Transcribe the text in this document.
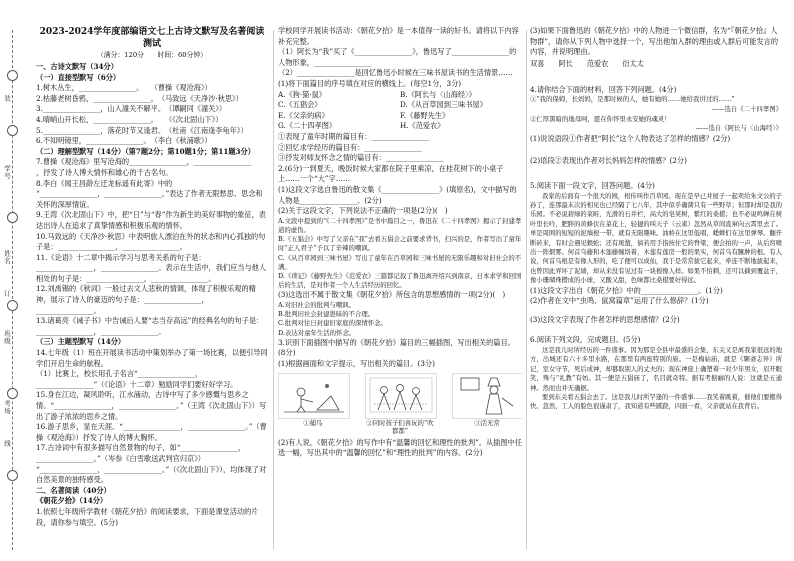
学号
姓名
班级
考场
装
订
线
2023-2024学年度部编语文七上古诗文默写及名著阅读测试
（满分：120分　　时间：60分钟）
一、古诗文默写（34分）
（一）直接型默写（6分）
1.树木丛生，________________。　　（曹操《观沧海》）
2.枯藤老树昏鸦，________________。　（马致远《天净沙·秋思》）
3.________________，山入潼关不解平。　（谭嗣同《潼关》）
4.晴峭山开长松，________________。　　（《次北固山下》）
5.________________，落花时节又逢君。　（杜甫《江南逢李龟年》）
6.不知明镜里，________________。　（李白《秋浦歌》）
（二）理解型默写（14分）（第7题2分；第10题1分；第11题3分）
7.曹操《观沧海》里写沧海的________________，________________
，抒发了诗人博大情怀和雄心的千古名句。
8.李白《闻王昌龄左迁龙标遥有此寄》中的
“________________，________________。”表达了作者无限愁思、思念和关怀的深厚情谊。
9.王湾《次北固山下》中，把“日”与“春”作为新生的美好事物的象征，表达出诗人在追求了真挚情感和积极乐观的情怀。
10.马致远的《天净沙·秋思》中表明旅人漂泊在外的状态和内心孤独的句子是：________________，________________。
11.《论语》十二章中揭示学习与思考关系的句子是：________________，________________。表示在生活中，我们应当与他人相处的句子是：________________，________________。
12.刘禹锡的《秋词》一般过去文人悲秋的情调，体现了积极乐观的精神，展示了诗人的豪迈的句子是：________________，________________。
13.诸葛亮《诫子书》中告诫后人要“志当存高远”的经典名句的句子是：________________，________________。
（三）主题型默写（14分）
14.七年级（1）班在开展读书活动中策划举办了第一场比赛，以便引导同学们开启生命的航程。
（1）比赛上，校长用孔子名言“________________，________________”（《论语》十二章）勉励同学们要好好学习。
15.身在江边，凝风聆听，江水涌动，古诗中写了多少感慨与思乡之情。“________________，________________。”（王湾《次北固山下》）写出了游子浓浓的思乡之情。
16.游子思乡，显在天涯。“________________，________________。”（曹操《观沧海》）抒发了诗人的博大胸怀。
17.古诗词中有很多描写自然景物的句子，如“________________，________________。”（岑参《白雪歌送武判官归京》）
“________________，________________。”（《次北固山下》），均体现了对自然美景的独特感受。
二、名著阅读（40分）
《朝花夕拾》（14分）
1.依照七年级所学教材《朝花夕拾》的阅读要求，下面是课堂活动的片段，请你参与填空。(5分)
学校同学开展读书活动：《朝花夕拾》是一本值得一读的好书。请将以下内容补充完整。
（1）阿长为“我”买了《________________》，鲁迅写了________________的人物形象，________________
（2）________________是回忆鲁迅小时候在三味书屋读书的生活情景……
(1)将下面篇目的序号填在对应的横线上。(每空1分，3分)
A.《狗·猫·鼠》	B.《阿长与〈山海经〉》
C.《五猖会》	D.《从百草园到三味书屋》
E.《父亲的病》	F.《藤野先生》
G.《二十四孝图》	H.《范爱农》
①表现了童年时期的篇目有：________________
②回忆求学经历的篇目有：________________
③抒发对师友怀念之情的篇目有：________________
2.(6分)一到夏天，晚饭时候大家都在院子里乘凉，在桂花树下的小桌子上……一个“大”字……
(1)这段文字选自鲁迅的散文集《________________》(填原名)，文中描写的人物是________________。(2分)
(2)关于这段文字，下列说法不正确的一项是(2分)(　)
A.文段中提到的“《二十四孝图》”是书中篇目之一，鲁迅在《二十四孝图》揭示了封建孝道的虚伪。
B.《五猖会》中写了父亲在“我”去看五猖会之前要求背书，扫兴的是，作者写出了童年时“正人君子”予以了辛辣的嘲讽。
C.《从百草园到三味书屋》写出了童年在百草园和三味书屋的无限乐趣和对旧社会的不满。
D.《琐记》《藤野先生》《范爱农》三篇都记叙了鲁迅离开绍兴到南京，日本求学和回国后的生活，是对作者一个人生活经历的回忆。
(3)这选出不属于散文集《朝花夕拾》所包含的思想感情的一项(2分)(　)
A.对旧社会的批判与嘲讽。
B.批判旧社会封建愚昧的不合理。
C.批判对往日封建旧家庭的深情怀念。
D.表达对童年生活的怀念。
3.识别下面插图中描写的《朝花夕拾》篇目的三幅插图，写出相关的篇目。(8分)
(1)根据画面和文字提示，写出相关的篇目。(3分)
①捕鸟	②同时孩子们喜玩的“吹都都”
③活无常
(2)有人说，《朝花夕拾》的写作中有“温馨的回忆和理性的批判”。从插图中任选一幅，写出其中的“温馨的回忆”和“理性的批判”的内容。(2分)
(3)如果下面鲁迅的《朝花夕拾》中的人物进一个微信群，名为“『朝花夕拾』人物群”，请你从下列人物中选择一个，写出他加入群的理由或入群后可能发言的内容，并说明理由。
双喜 阿长 范爱农 衍太太
4.请你结合下面的材料，回答下列问题。(4分)
①“我的保姆，长妈妈，是那时候的人，她有她的……她给我讲过的……”
——选自《二十四孝图》
②仁厚黑暗的地母呵，愿在你怀里永安她的魂灵！
——选自《阿长与〈山海经〉》
(1)说说语段①作者把“阿长”这个人物表达了怎样的情感？(2分)
(2)语段②表现出作者对长妈妈怎样的情感？(2分)
5.阅读下面一段文字，回答问题。(4分)
我家的后面有一个很大的园，相传叫作百草园。现在是早已并屋子一起卖给朱文公的子孙了，连那最末次的相见也已经隔了七八年，其中似乎确凿只有一些野草；但那时却是我的乐园。不必说碧绿的菜畦，光滑的石井栏，高大的皂荚树，紫红的桑椹；也不必说鸣蝉在树叶里长吟，肥胖的黄蜂伏在菜花上，轻捷的叫天子（云雀）忽然从草间直窜向云霄里去了。单是周围的短短的泥墙根一带，就有无限趣味。油蛉在这里低唱，蟋蟀们在这里弹琴。翻开断砖来，有时会遇见蜈蚣；还有斑蝥，倘若用手指按住它的脊梁，便会拍的一声，从后窍喷出一阵烟雾。何首乌藤和木莲藤缠络着，木莲有莲房一般的果实，何首乌有臃肿的根。有人说，何首乌根是有像人形的，吃了便可以成仙，我于是常常拔它起来，牵连不断地拔起来，也曾因此弄坏了泥墙，却从来没有见过有一块根像人样。如果不怕刺，还可以摘到覆盆子，像小珊瑚珠攒成的小球，又酸又甜，色味都比桑椹要好得远。
(1)这段文字出自《朝花夕拾》中的________________。(1分)
(2)作者在文中“虫鸣、鼠窝篇章”运用了什么修辞？(1分)
(3)这段文字表现了作者怎样的思想感情？(2分)
6.阅读下列文段，完成题目。(5分)
这是我儿时所经历的一件盛事。因为那是全县中最盛的会集，东关又是离我家很远的地方，出城还有六十多里水路，在那里有两座特别的庙。一是梅姑庙，就是《聊斋志异》所记，室女守节，死后成神，却篡取别人的丈夫的；现在神座上确塑着一对少年男女，眉开眼笑，殊与“礼教”有妨。其一便是五猖庙了，名目就奇特。据有考据癖的人说：这就是五通神。然而也并无确据。
要到东关看五猖会去了。这是我儿时所罕逢的一件盛事……我笑着跳着，催他们要搬得快。忽然，工人的脸色很谨肃了，我知道有些蹊跷，四面一看，父亲就站在我背后。
